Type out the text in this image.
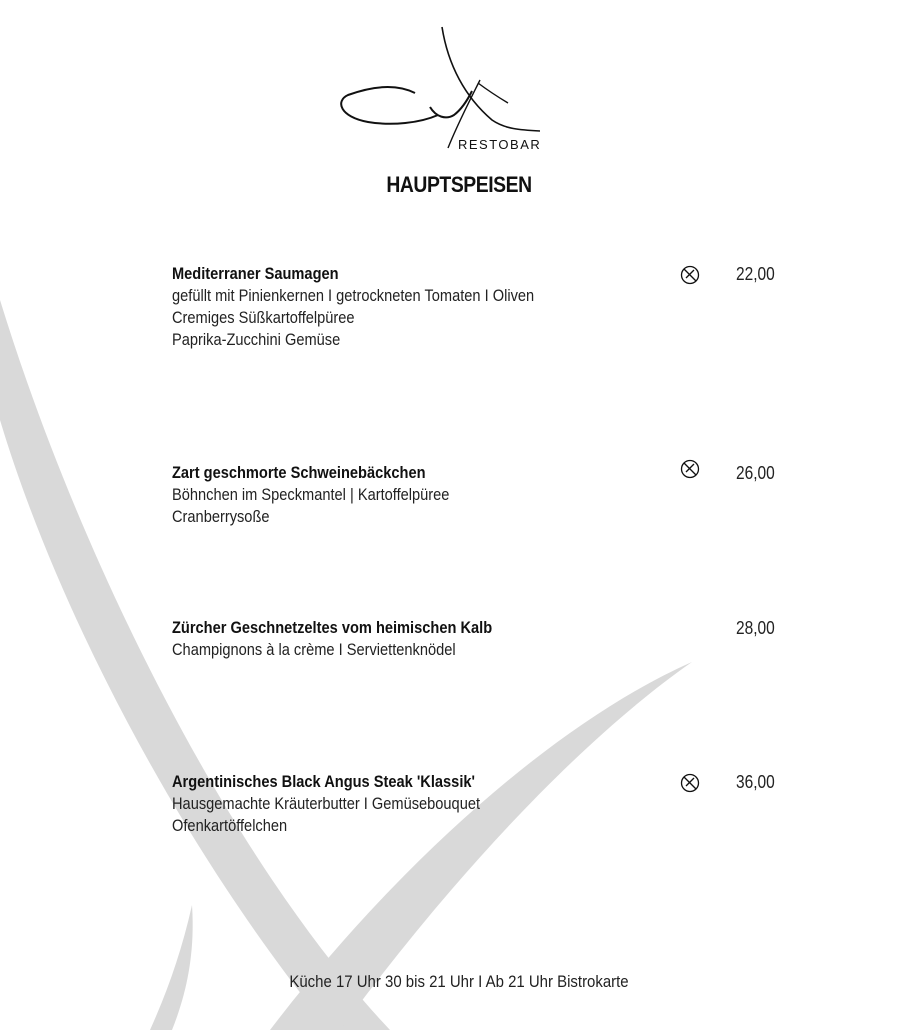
RESTOBAR
HAUPTSPEISEN
Mediterraner Saumagen
gefüllt mit Pinienkernen I getrockneten Tomaten I Oliven
Cremiges Süßkartoffelpüree
Paprika-Zucchini Gemüse
22,00
Zart geschmorte Schweinebäckchen
Böhnchen im Speckmantel | Kartoffelpüree
Cranberrysoße
26,00
Zürcher Geschnetzeltes vom heimischen Kalb
Champignons à la crème I Serviettenknödel
28,00
Argentinisches Black Angus Steak 'Klassik'
Hausgemachte Kräuterbutter I Gemüsebouquet
Ofenkartöffelchen
36,00
Küche 17 Uhr 30 bis 21 Uhr I Ab 21 Uhr Bistrokarte
